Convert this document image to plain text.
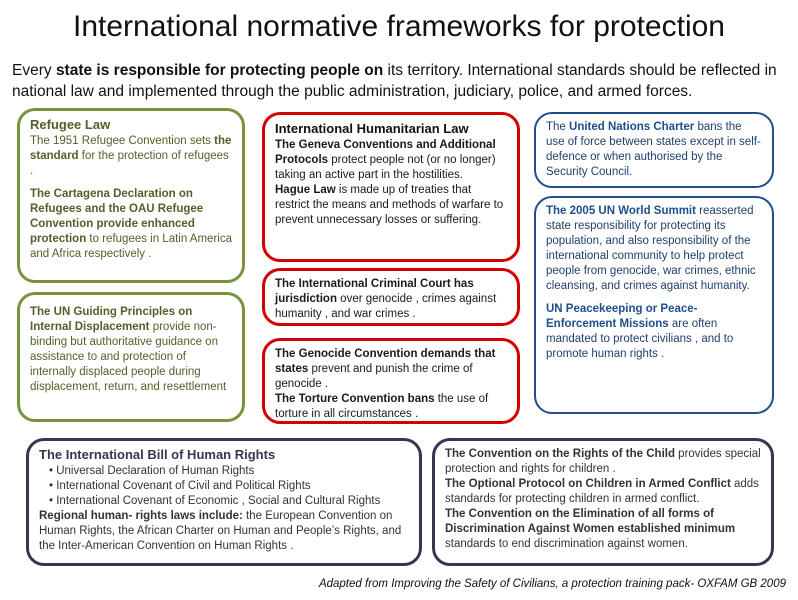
International normative frameworks for protection
Every state is responsible for protecting people on its territory. International standards should be reflected in national law and implemented through the public administration, judiciary, police, and armed forces.
Refugee Law

The 1951 Refugee Convention sets the standard for the protection of refugees .

The Cartagena Declaration on Refugees and the OAU Refugee Convention provide enhanced protection to refugees in Latin America and Africa respectively .

The UN Guiding Principles on Internal Displacement provide non-binding but authoritative guidance on assistance to and protection of internally displaced people during displacement, return, and resettlement

International Humanitarian Law
The Geneva Conventions and Additional Protocols protect people not (or no longer) taking an active part in the hostilities.
Hague Law is made up of treaties that restrict the means and methods of warfare to prevent unnecessary losses or suffering.
The International Criminal Court has jurisdiction over genocide , crimes against humanity , and war crimes .
The Genocide Convention demands that states prevent and punish the crime of genocide .
The Torture Convention bans the use of torture in all circumstances .
The United Nations Charter bans the use of force between states except in self-defence or when authorised by the Security Council.

The 2005 UN World Summit reasserted state responsibility for protecting its population, and also responsibility of the international community to help protect people from genocide, war crimes, ethnic cleansing, and crimes against humanity.

UN Peacekeeping or Peace-Enforcement Missions are often mandated to protect civilians , and to promote human rights .

The International Bill of Human Rights
• Universal Declaration of Human Rights
• International Covenant of Civil and Political Rights
• International Covenant of Economic , Social and Cultural Rights
Regional human- rights laws include: the European Convention on Human Rights, the African Charter on Human and People’s Rights, and the Inter-American Convention on Human Rights .
The Convention on the Rights of the Child provides special protection and rights for children .
The Optional Protocol on Children in Armed Conflict adds standards for protecting children in armed conflict.
The Convention on the Elimination of all forms of Discrimination Against Women established minimum standards to end discrimination against women.
Adapted from Improving the Safety of Civilians, a protection training pack- OXFAM GB 2009
